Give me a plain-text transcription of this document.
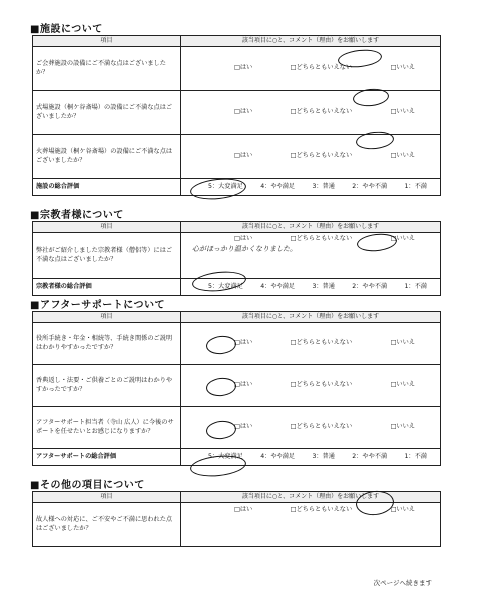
■施設について
項目	該当項目に○と、コメント（理由）をお願いします
ご会葬施設の設備にご不満な点はございましたか？	□はい □どちらともいえない □いいえ

式場施設（桐ケ谷斎場）の設備にご不満な点はございましたか？	□はい □どちらともいえない □いいえ

火葬場施設（桐ケ谷斎場）の設備にご不満な点はございましたか？	□はい □どちらともいえない □いいえ

施設の総合評価	5：大変満足 4：やや満足 3：普通 2：やや不満 1：不満
■宗教者様について
項目	該当項目に○と、コメント（理由）をお願いします
弊社がご紹介しました宗教者様（僧侶等）にはご不満な点はございましたか？	□はい □どちらともいえない □いいえ
心がほっかり温かくなりました。

宗教者様の総合評価	5：大変満足 4：やや満足 3：普通 2：やや不満 1：不満
■アフターサポートについて
項目	該当項目に○と、コメント（理由）をお願いします
役所手続き・年金・相続等、手続き関係のご説明はわかりやすかったですか？	□はい □どちらともいえない □いいえ

香典返し・法要・ご供養ごとのご説明はわかりやすかったですか？	□はい □どちらともいえない □いいえ

アフターサポート担当者（寺山 広人）に今後のサポートを任せたいとお感じになりますか？	□はい □どちらともいえない □いいえ

アフターサポートの総合評価	5：大変満足 4：やや満足 3：普通 2：やや不満 1：不満
■その他の項目について
項目	該当項目に○と、コメント（理由）をお願いします
故人様への対応に、ご不安やご不満に思われた点はございましたか？	□はい □どちらともいえない □いいえ
次ページへ続きます
